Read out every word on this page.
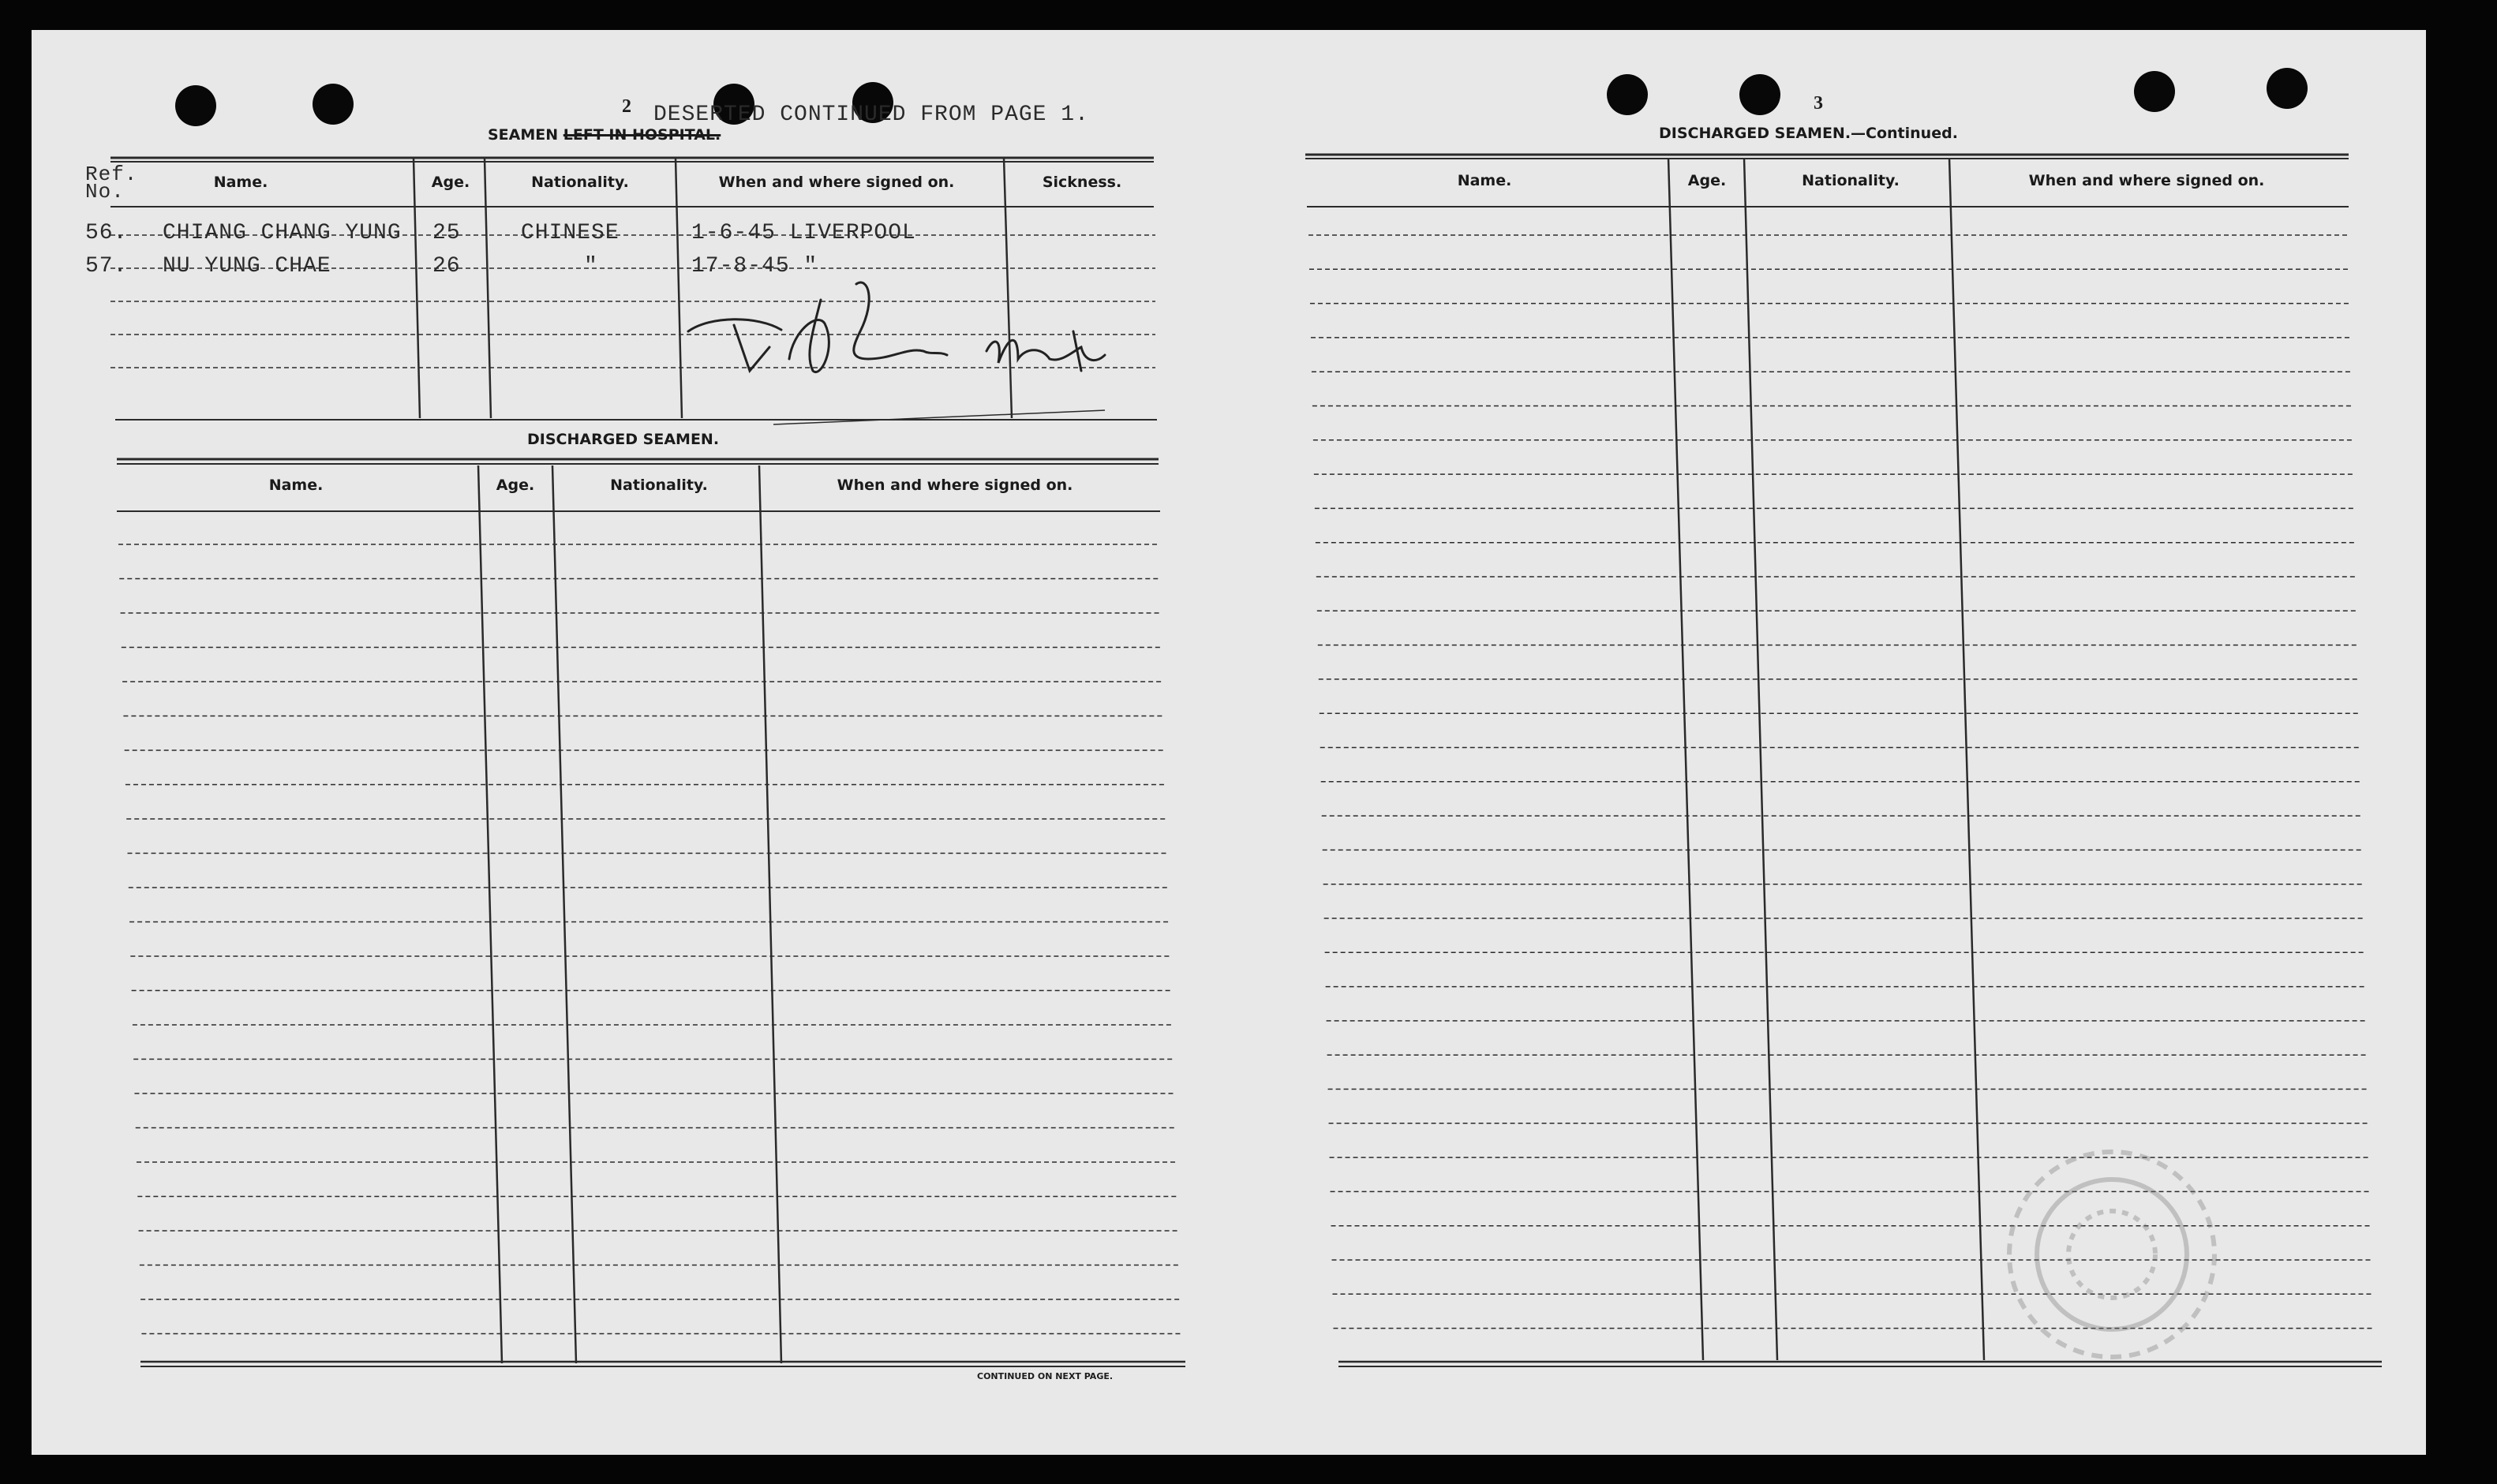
2
SEAMEN LEFT IN HOSPITAL.
DESERTED CONTINUED FROM PAGE 1.
Ref. No.	Name.	Age.	Nationality.	When and where signed on.	Sickness.
56. CHIANG CHANG YUNG 25	CHINESE	1-6-45 LIVERPOOL
57. NU YUNG CHAE	26	"	17-8-45 "
DISCHARGED SEAMEN.
Name.	Age.	Nationality.	When and where signed on.
CONTINUED ON NEXT PAGE.
3
DISCHARGED SEAMEN.—Continued.
Name.	Age.	Nationality.	When and where signed on.
